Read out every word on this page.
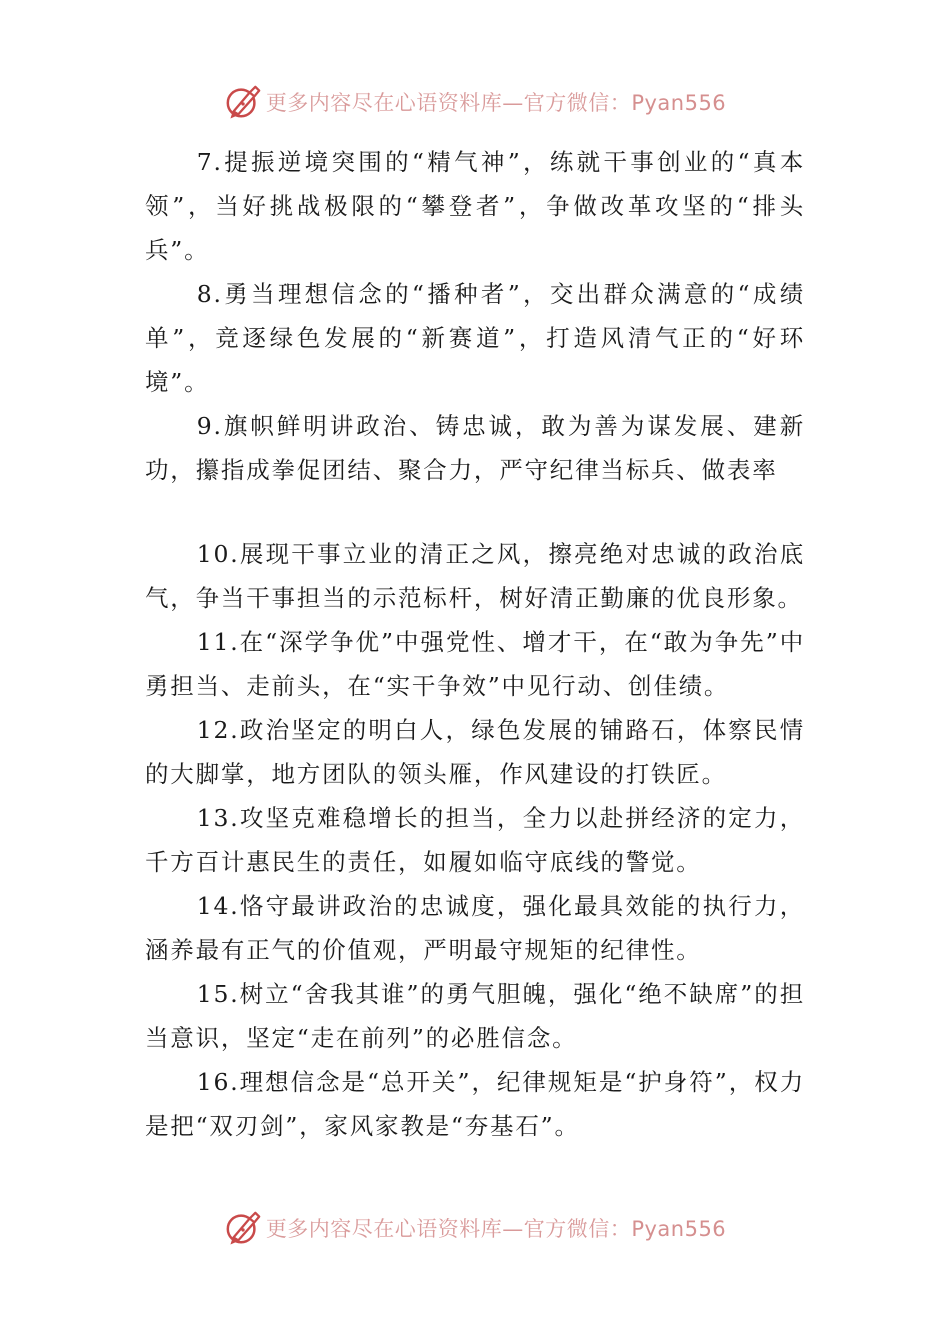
更多内容尽在心语资料库—官方微信：Pyan556

7.提振逆境突围的“精气神”，练就干事创业的“真本领”，当好挑战极限的“攀登者”，争做改革攻坚的“排头兵”。

8.勇当理想信念的“播种者”，交出群众满意的“成绩单”，竞逐绿色发展的“新赛道”，打造风清气正的“好环境”。

9.旗帜鲜明讲政治、铸忠诚，敢为善为谋发展、建新功，攥指成拳促团结、聚合力，严守纪律当标兵、做表率

10.展现干事立业的清正之风，擦亮绝对忠诚的政治底气，争当干事担当的示范标杆，树好清正勤廉的优良形象。

11.在“深学争优”中强党性、增才干，在“敢为争先”中勇担当、走前头，在“实干争效”中见行动、创佳绩。

12.政治坚定的明白人，绿色发展的铺路石，体察民情的大脚掌，地方团队的领头雁，作风建设的打铁匠。

13.攻坚克难稳增长的担当，全力以赴拼经济的定力，千方百计惠民生的责任，如履如临守底线的警觉。

14.恪守最讲政治的忠诚度，强化最具效能的执行力，涵养最有正气的价值观，严明最守规矩的纪律性。

15.树立“舍我其谁”的勇气胆魄，强化“绝不缺席”的担当意识，坚定“走在前列”的必胜信念。

16.理想信念是“总开关”，纪律规矩是“护身符”，权力是把“双刃剑”，家风家教是“夯基石”。

更多内容尽在心语资料库—官方微信：Pyan556
